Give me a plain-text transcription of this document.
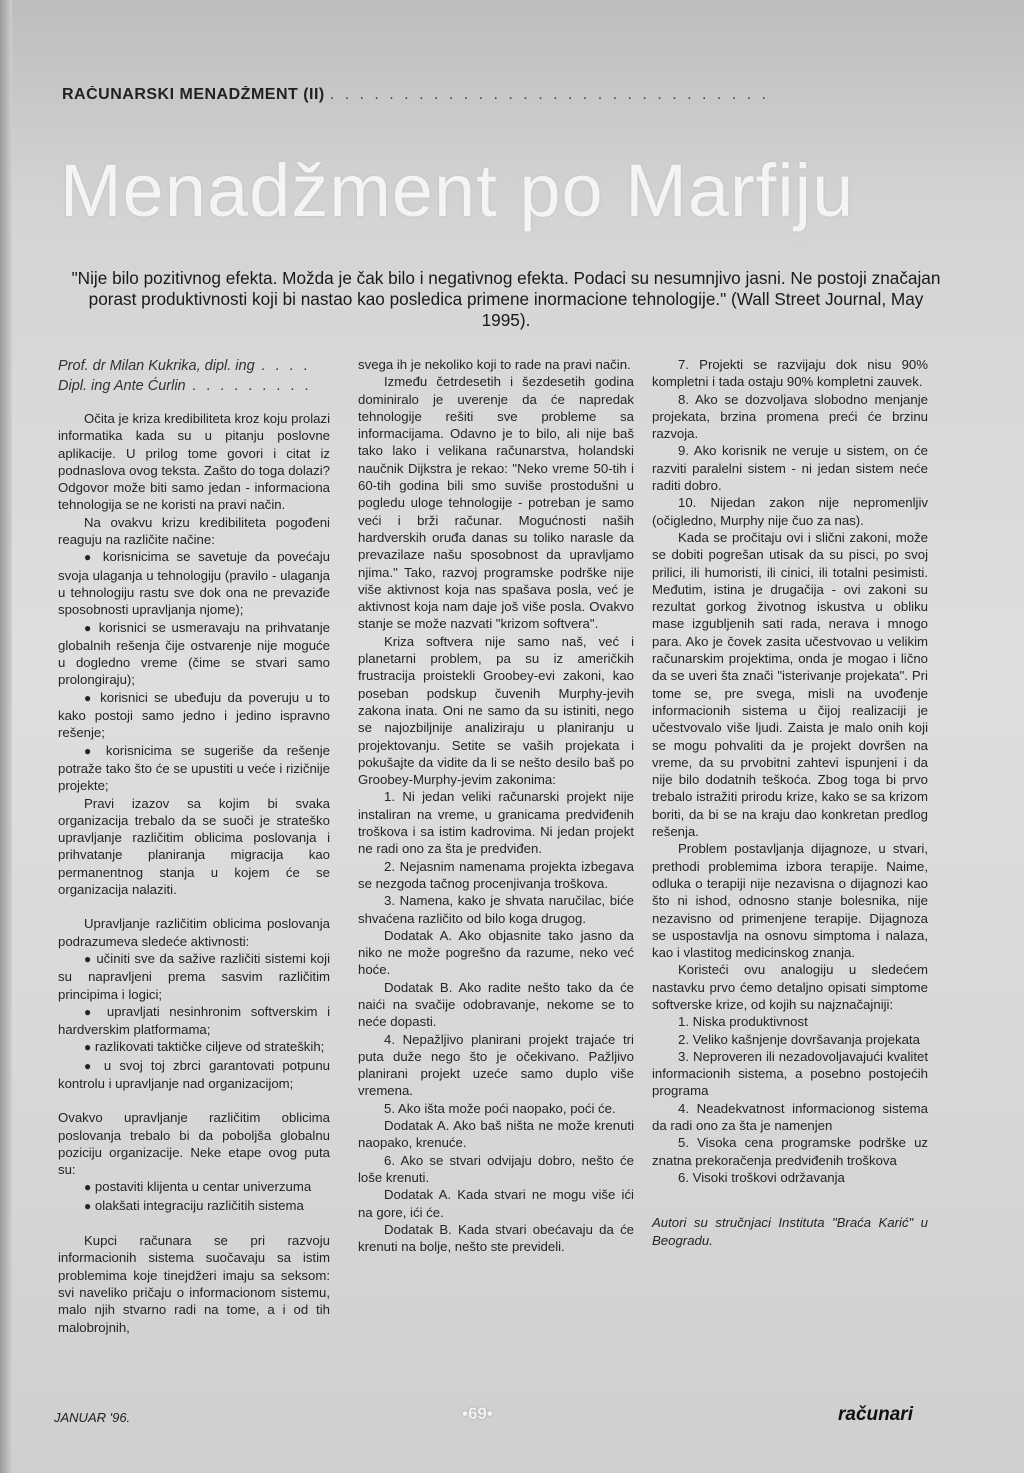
RAČUNARSKI MENADŽMENT (II) . . . . . . . . . . . . . . . . . . . . . . . . . . . . . .
Menadžment po Marfiju
"Nije bilo pozitivnog efekta. Možda je čak bilo i negativnog efekta. Podaci su nesumnjivo jasni. Ne postoji značajan porast produktivnosti koji bi nastao kao posledica primene inormacione tehnologije." (Wall Street Journal, May 1995).
Prof. dr Milan Kukrika, dipl. ing . . . .
Dipl. ing Ante Ćurlin . . . . . . . . .

Očita je kriza kredibiliteta kroz koju prolazi informatika kada su u pitanju poslovne aplikacije. U prilog tome govori i citat iz podnaslova ovog teksta. Zašto do toga dolazi? Odgovor može biti samo jedan - informaciona tehnologija se ne koristi na pravi način.

Na ovakvu krizu kredibiliteta pogođeni reaguju na različite načine:

● korisnicima se savetuje da povećaju svoja ulaganja u tehnologiju (pravilo - ulaganja u tehnologiju rastu sve dok ona ne prevaziđe sposobnosti upravljanja njome);

● korisnici se usmeravaju na prihvatanje globalnih rešenja čije ostvarenje nije moguće u dogledno vreme (čime se stvari samo prolongiraju);

● korisnici se ubeđuju da poveruju u to kako postoji samo jedno i jedino ispravno rešenje;

● korisnicima se sugeriše da rešenje potraže tako što će se upustiti u veće i rizičnije projekte;

Pravi izazov sa kojim bi svaka organizacija trebalo da se suoči je strateško upravljanje različitim oblicima poslovanja i prihvatanje planiranja migracija kao permanentnog stanja u kojem će se organizacija nalaziti.

Upravljanje različitim oblicima poslovanja podrazumeva sledeće aktivnosti:

● učiniti sve da sažive različiti sistemi koji su napravljeni prema sasvim različitim principima i logici;

● upravljati nesinhronim softverskim i hardverskim platformama;

● razlikovati taktičke ciljeve od strateških;

● u svoj toj zbrci garantovati potpunu kontrolu i upravljanje nad organizacijom;

Ovakvo upravljanje različitim oblicima poslovanja trebalo bi da poboljša globalnu poziciju organizacije. Neke etape ovog puta su:

● postaviti klijenta u centar univerzuma

● olakšati integraciju različitih sistema

Kupci računara se pri razvoju informacionih sistema suočavaju sa istim problemima koje tinejdžeri imaju sa seksom: svi naveliko pričaju o informacionom sistemu, malo njih stvarno radi na tome, a i od tih malobrojnih,

svega ih je nekoliko koji to rade na pravi način.

Između četrdesetih i šezdesetih godina dominiralo je uverenje da će napredak tehnologije rešiti sve probleme sa informacijama. Odavno je to bilo, ali nije baš tako lako i velikana računarstva, holandski naučnik Dijkstra je rekao: "Neko vreme 50-tih i 60-tih godina bili smo suviše prostodušni u pogledu uloge tehnologije - potreban je samo veći i brži računar. Mogućnosti naših hardverskih oruđa danas su toliko narasle da prevazilaze našu sposobnost da upravljamo njima." Tako, razvoj programske podrške nije više aktivnost koja nas spašava posla, već je aktivnost koja nam daje još više posla. Ovakvo stanje se može nazvati "krizom softvera".

Kriza softvera nije samo naš, već i planetarni problem, pa su iz američkih frustracija proistekli Groobey-evi zakoni, kao poseban podskup čuvenih Murphy-jevih zakona inata. Oni ne samo da su istiniti, nego se najozbiljnije analiziraju u planiranju u projektovanju. Setite se vaših projekata i pokušajte da vidite da li se nešto desilo baš po Groobey-Murphy-jevim zakonima:

1. Ni jedan veliki računarski projekt nije instaliran na vreme, u granicama predviđenih troškova i sa istim kadrovima. Ni jedan projekt ne radi ono za šta je predviđen.

2. Nejasnim namenama projekta izbegava se nezgoda tačnog procenjivanja troškova.

3. Namena, kako je shvata naručilac, biće shvaćena različito od bilo koga drugog.

Dodatak A. Ako objasnite tako jasno da niko ne može pogrešno da razume, neko već hoće.

Dodatak B. Ako radite nešto tako da će naići na svačije odobravanje, nekome se to neće dopasti.

4. Nepažljivo planirani projekt trajaće tri puta duže nego što je očekivano. Pažljivo planirani projekt uzeće samo duplo više vremena.

5. Ako išta može poći naopako, poći će.

Dodatak A. Ako baš ništa ne može krenuti naopako, krenuće.

6. Ako se stvari odvijaju dobro, nešto će loše krenuti.

Dodatak A. Kada stvari ne mogu više ići na gore, ići će.

Dodatak B. Kada stvari obećavaju da će krenuti na bolje, nešto ste prevideli.

7. Projekti se razvijaju dok nisu 90% kompletni i tada ostaju 90% kompletni zauvek.

8. Ako se dozvoljava slobodno menjanje projekata, brzina promena preći će brzinu razvoja.

9. Ako korisnik ne veruje u sistem, on će razviti paralelni sistem - ni jedan sistem neće raditi dobro.

10. Nijedan zakon nije nepromenljiv (očigledno, Murphy nije čuo za nas).

Kada se pročitaju ovi i slični zakoni, može se dobiti pogrešan utisak da su pisci, po svoj prilici, ili humoristi, ili cinici, ili totalni pesimisti. Međutim, istina je drugačija - ovi zakoni su rezultat gorkog životnog iskustva u obliku mase izgubljenih sati rada, nerava i mnogo para. Ako je čovek zasita učestvovao u velikim računarskim projektima, onda je mogao i lično da se uveri šta znači "isterivanje projekata". Pri tome se, pre svega, misli na uvođenje informacionih sistema u čijoj realizaciji je učestvovalo više ljudi. Zaista je malo onih koji se mogu pohvaliti da je projekt dovršen na vreme, da su prvobitni zahtevi ispunjeni i da nije bilo dodatnih teškoća. Zbog toga bi prvo trebalo istražiti prirodu krize, kako se sa krizom boriti, da bi se na kraju dao konkretan predlog rešenja.

Problem postavljanja dijagnoze, u stvari, prethodi problemima izbora terapije. Naime, odluka o terapiji nije nezavisna o dijagnozi kao što ni ishod, odnosno stanje bolesnika, nije nezavisno od primenjene terapije. Dijagnoza se uspostavlja na osnovu simptoma i nalaza, kao i vlastitog medicinskog znanja.

Koristeći ovu analogiju u sledećem nastavku prvo ćemo detaljno opisati simptome softverske krize, od kojih su najznačajniji:

1. Niska produktivnost

2. Veliko kašnjenje dovršavanja projekata

3. Neproveren ili nezadovoljavajući kvalitet informacionih sistema, a posebno postojećih programa

4. Neadekvatnost informacionog sistema da radi ono za šta je namenjen

5. Visoka cena programske podrške uz znatna prekoračenja predviđenih troškova

6. Visoki troškovi održavanja

Autori su stručnjaci Instituta "Braća Karić" u Beogradu.

JANUAR '96.	•69•	računari
